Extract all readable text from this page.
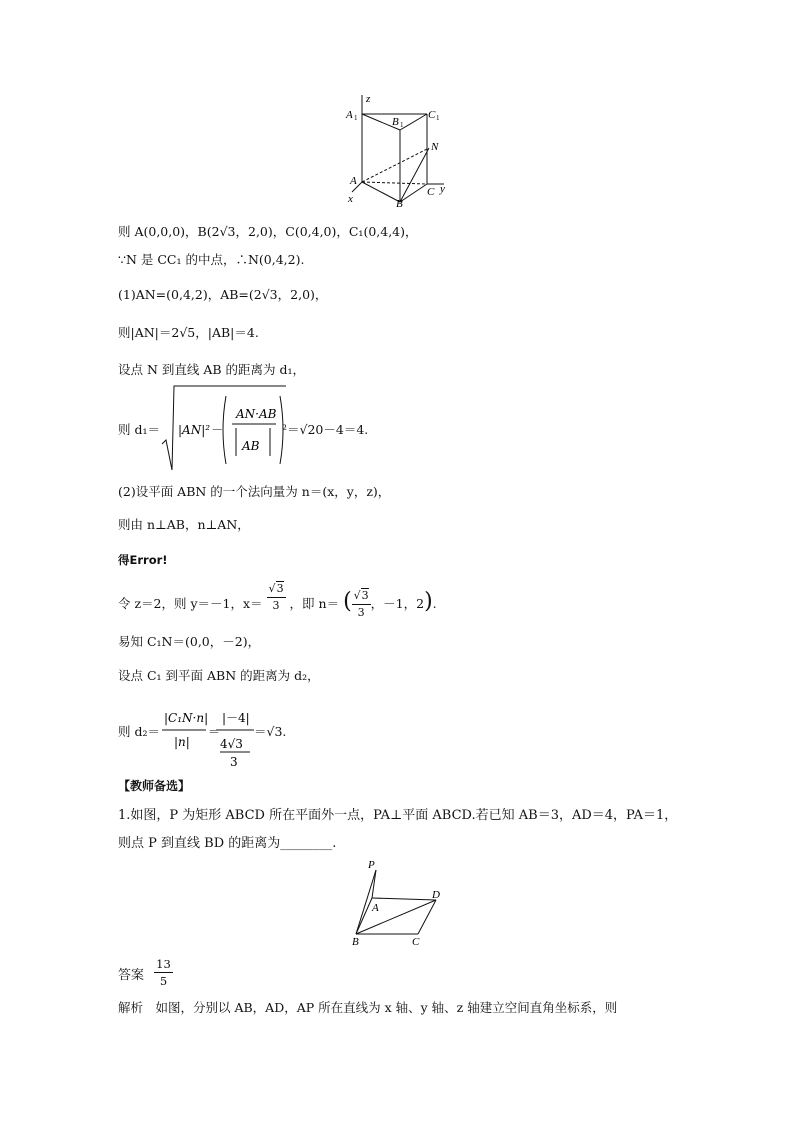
z
A 1	B 1
C 1
N
A
C y
x	B
则 A(0,0,0)，B(2√3，2,0)，C(0,4,0)，C₁(0,4,4)，
∵N 是 CC₁ 的中点，∴N(0,4,2).
(1)AN=(0,4,2)，AB=(2√3，2,0)，
则|AN|＝2√5，|AB|＝4.
设点 N 到直线 AB 的距离为 d₁，
则 d₁＝ |AN|²－
AN·AB
AB
²＝√20－4＝4.
(2)设平面 ABN 的一个法向量为 n＝(x，y，z)，
则由 n⊥AB，n⊥AN，
得Error!
令 z＝2，则 y＝－1，$x= \frac{√3}{3}$ ，即 n＝ ( $\frac{√3}{3}$ ，－1，2).
易知 C₁N＝(0,0，－2)，
设点 C₁ 到平面 ABN 的距离为 d₂，
则 d₂＝
|C₁N·n|
|n|
＝
|－4|
4√3
3
＝√3.
【教师备选】
1.如图，P 为矩形 ABCD 所在平面外一点，PA⊥平面 ABCD.若已知 AB＝3，AD＝4，PA＝1，
则点 P 到直线 BD 的距离为________.
P
D
A
B	C
答案 $\frac{13}{5}$
解析　如图，分别以 AB，AD，AP 所在直线为 x 轴、y 轴、z 轴建立空间直角坐标系，则
